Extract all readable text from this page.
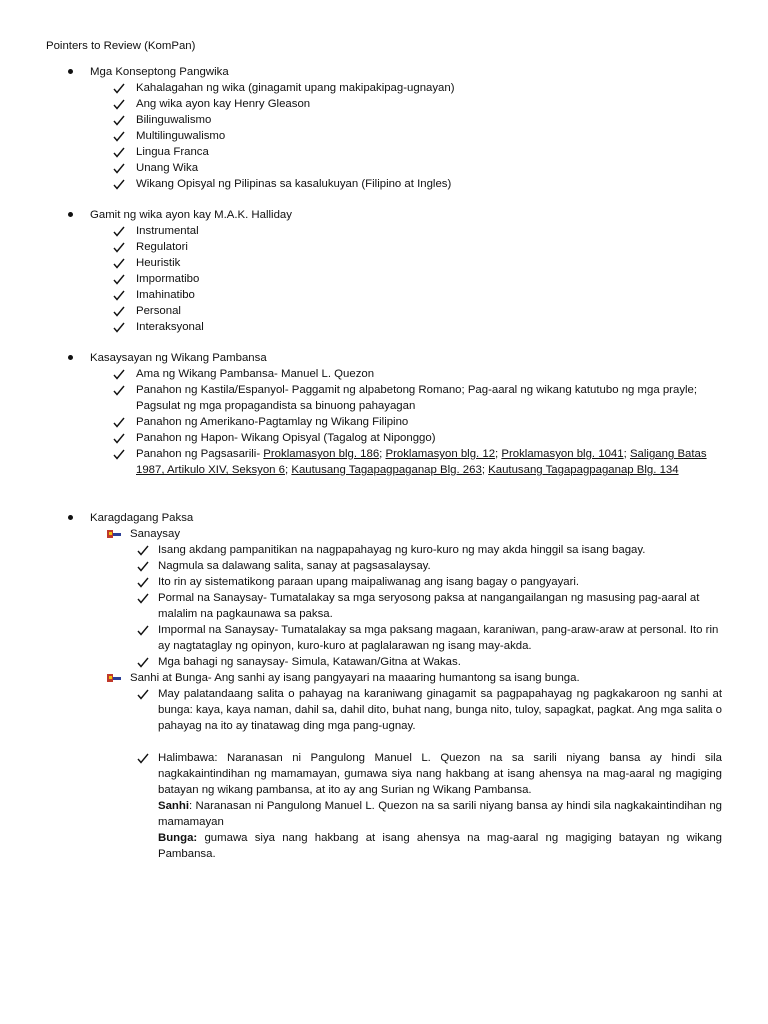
Pointers to Review (KomPan)
Mga Konseptong Pangwika
Kahalagahan ng wika (ginagamit upang makipakipag-ugnayan)
Ang wika ayon kay Henry Gleason
Bilinguwalismo
Multilinguwalismo
Lingua Franca
Unang Wika
Wikang Opisyal ng Pilipinas sa kasalukuyan (Filipino at Ingles)
Gamit ng wika ayon kay M.A.K. Halliday
Instrumental
Regulatori
Heuristik
Impormatibo
Imahinatibo
Personal
Interaksyonal
Kasaysayan ng Wikang Pambansa
Ama ng Wikang Pambansa- Manuel L. Quezon
Panahon ng Kastila/Espanyol- Paggamit ng alpabetong Romano; Pag-aaral ng wikang katutubo ng mga prayle; Pagsulat ng mga propagandista sa binuong pahayagan
Panahon ng Amerikano-Pagtamlay ng Wikang Filipino
Panahon ng Hapon- Wikang Opisyal (Tagalog at Niponggo)
Panahon ng Pagsasarili- Proklamasyon blg. 186; Proklamasyon blg. 12; Proklamasyon blg. 1041; Saligang Batas 1987, Artikulo XIV, Seksyon 6; Kautusang Tagapagpaganap Blg. 263; Kautusang Tagapagpaganap Blg. 134
Karagdagang Paksa
Sanaysay
Isang akdang pampanitikan na nagpapahayag ng kuro-kuro ng may akda hinggil sa isang bagay.
Nagmula sa dalawang salita, sanay at pagsasalaysay.
Ito rin ay sistematikong paraan upang maipaliwanag ang isang bagay o pangyayari.
Pormal na Sanaysay- Tumatalakay sa mga seryosong paksa at nangangailangan ng masusing pag-aaral at malalim na pagkaunawa sa paksa.
Impormal na Sanaysay- Tumatalakay sa mga paksang magaan, karaniwan, pang-araw-araw at personal. Ito rin ay nagtataglay ng opinyon, kuro-kuro at paglalarawan ng isang may-akda.
Mga bahagi ng sanaysay- Simula, Katawan/Gitna at Wakas.
Sanhi at Bunga- Ang sanhi ay isang pangyayari na maaaring humantong sa isang bunga.
May palatandaang salita o pahayag na karaniwang ginagamit sa pagpapahayag ng pagkakaroon ng sanhi at bunga: kaya, kaya naman, dahil sa, dahil dito, buhat nang, bunga nito, tuloy, sapagkat, pagkat. Ang mga salita o pahayag na ito ay tinatawag ding mga pang-ugnay.
Halimbawa: Naranasan ni Pangulong Manuel L. Quezon na sa sarili niyang bansa ay hindi sila nagkakaintindihan ng mamamayan, gumawa siya nang hakbang at isang ahensya na mag-aaral ng magiging batayan ng wikang pambansa, at ito ay ang Surian ng Wikang Pambansa.
Sanhi: Naranasan ni Pangulong Manuel L. Quezon na sa sarili niyang bansa ay hindi sila nagkakaintindihan ng mamamayan
Bunga: gumawa siya nang hakbang at isang ahensya na mag-aaral ng magiging batayan ng wikang Pambansa.
